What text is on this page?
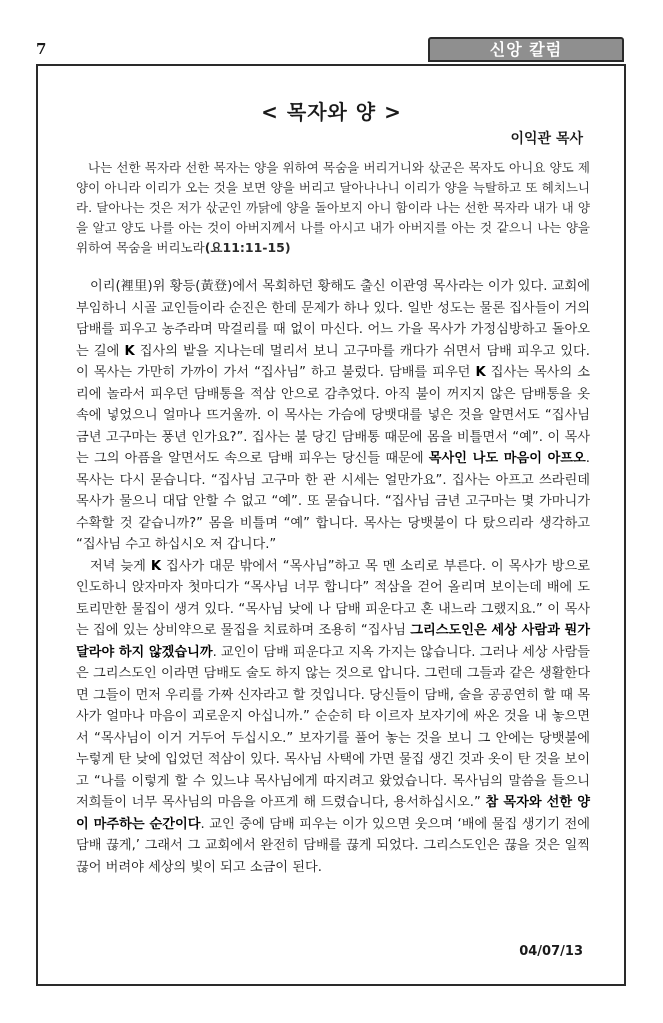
7	신앙 칼럼
< 목자와 양 >
이익관 목사

나는 선한 목자라 선한 목자는 양을 위하여 목숨을 버리거니와 삯군은 목자도 아니요 양도 제 양이 아니라 이리가 오는 것을 보면 양을 버리고 달아나나니 이리가 양을 늑탈하고 또 헤치느니라. 달아나는 것은 저가 삯군인 까닭에 양을 돌아보지 아니 함이라 나는 선한 목자라 내가 내 양을 알고 양도 나를 아는 것이 아버지께서 나를 아시고 내가 아버지를 아는 것 같으니 나는 양을 위하여 목숨을 버리노라(요11:11-15)

이리(裡里)위 황등(黃登)에서 목회하던 황해도 출신 이관영 목사라는 이가 있다. 교회에 부임하니 시골 교인들이라 순진은 한데 문제가 하나 있다. 일반 성도는 물론 집사들이 거의 담배를 피우고 농주라며 막걸리를 때 없이 마신다. 어느 가을 목사가 가정심방하고 돌아오는 길에 K 집사의 밭을 지나는데 멀리서 보니 고구마를 캐다가 쉬면서 담배 피우고 있다. 이 목사는 가만히 가까이 가서 “집사님” 하고 불렀다. 담배를 피우던 K 집사는 목사의 소리에 놀라서 피우던 담배통을 적삼 안으로 감추었다. 아직 불이 꺼지지 않은 담배통을 옷 속에 넣었으니 얼마나 뜨거울까. 이 목사는 가슴에 당뱃대를 넣은 것을 알면서도 “집사님 금년 고구마는 풍년 인가요?”. 집사는 불 당긴 담배통 때문에 몸을 비틀면서 “예”. 이 목사는 그의 아픔을 알면서도 속으로 담배 피우는 당신들 때문에 목사인 나도 마음이 아프오. 목사는 다시 묻습니다. “집사님 고구마 한 관 시세는 얼만가요”. 집사는 아프고 쓰라린데 목사가 물으니 대답 안할 수 없고 “예”. 또 묻습니다. “집사님 금년 고구마는 몇 가마니가 수확할 것 같습니까?” 몸을 비틀며 “예” 합니다. 목사는 당뱃불이 다 탔으리라 생각하고 “집사님 수고 하십시오 저 갑니다.”

저녁 늦게 K 집사가 대문 밖에서 “목사님”하고 목 멘 소리로 부른다. 이 목사가 방으로 인도하니 앉자마자 첫마디가 “목사님 너무 합니다” 적삼을 걷어 올리며 보이는데 배에 도토리만한 물집이 생겨 있다. “목사님 낮에 나 담배 피운다고 혼 내느라 그랬지요.” 이 목사는 집에 있는 상비약으로 물집을 치료하며 조용히 “집사님 그리스도인은 세상 사람과 뭔가 달라야 하지 않겠습니까. 교인이 담배 피운다고 지옥 가지는 않습니다. 그러나 세상 사람들은 그리스도인 이라면 담배도 술도 하지 않는 것으로 압니다. 그런데 그들과 같은 생활한다면 그들이 먼저 우리를 가짜 신자라고 할 것입니다. 당신들이 담배, 술을 공공연히 할 때 목사가 얼마나 마음이 괴로운지 아십니까.” 순순히 타 이르자 보자기에 싸온 것을 내 놓으면서 “목사님이 이거 거두어 두십시오.” 보자기를 풀어 놓는 것을 보니 그 안에는 당뱃불에 누렇게 탄 낮에 입었던 적삼이 있다. 목사님 사택에 가면 물집 생긴 것과 옷이 탄 것을 보이고 “나를 이렇게 할 수 있느냐 목사님에게 따지려고 왔었습니다. 목사님의 말씀을 들으니 저희들이 너무 목사님의 마음을 아프게 해 드렸습니다, 용서하십시오.” 참 목자와 선한 양이 마주하는 순간이다. 교인 중에 담배 피우는 이가 있으면 웃으며 ‘배에 물집 생기기 전에 담배 끊게,’ 그래서 그 교회에서 완전히 담배를 끊게 되었다. 그리스도인은 끊을 것은 일찍 끊어 버려야 세상의 빛이 되고 소금이 된다.

04/07/13
